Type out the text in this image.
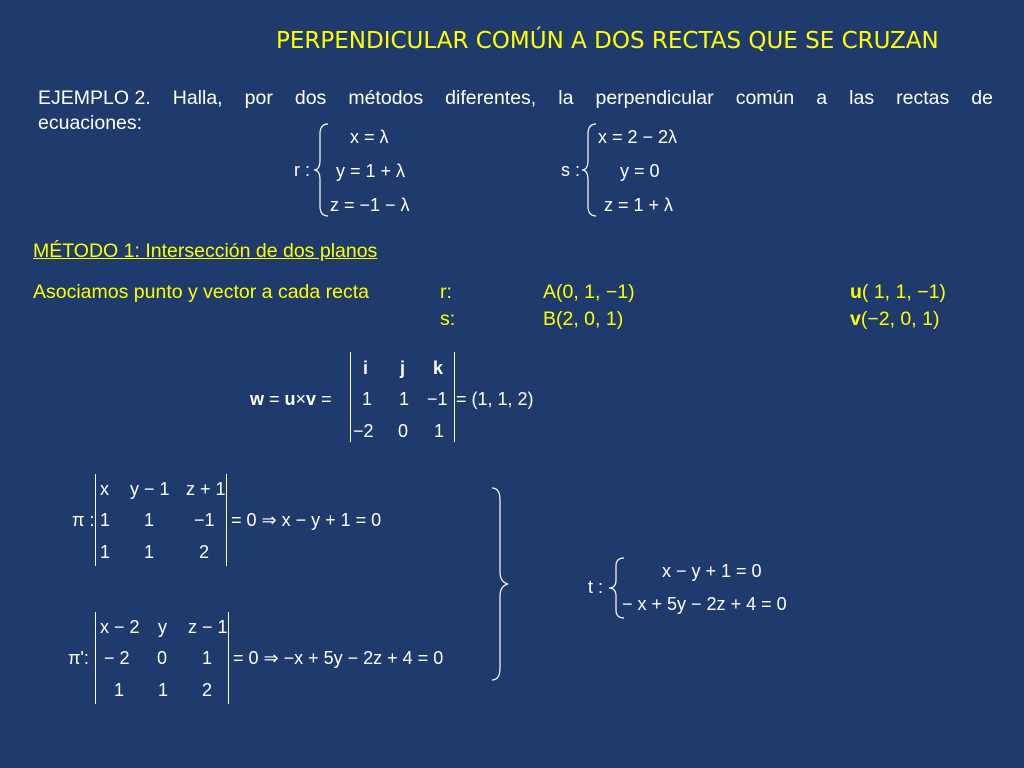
PERPENDICULAR COMÚN A DOS RECTAS QUE SE CRUZAN
EJEMPLO 2. Halla, por dos métodos diferentes, la perpendicular común a las rectas de
ecuaciones:
r :
x = λ
y = 1 + λ
z = −1 − λ
s :
x = 2 − 2λ
y = 0
z = 1 + λ
MÉTODO 1: Intersección de dos planos
Asociamos punto y vector a cada recta	r:
s:
A(0, 1, −1)
B(2, 0, 1)
u( 1, 1, −1)
v(−2, 0, 1)
w = u×v =
i j k
1 1 −1
−2 0 1
= (1, 1, 2)
π :
x y − 1 z + 1
1 1 −1
1 1 2
= 0 ⇒ x − y + 1 = 0
π':
x − 2 y z − 1
− 2 0 1
1 1 2
= 0 ⇒ −x + 5y − 2z + 4 = 0
t :
x − y + 1 = 0
− x + 5y − 2z + 4 = 0
